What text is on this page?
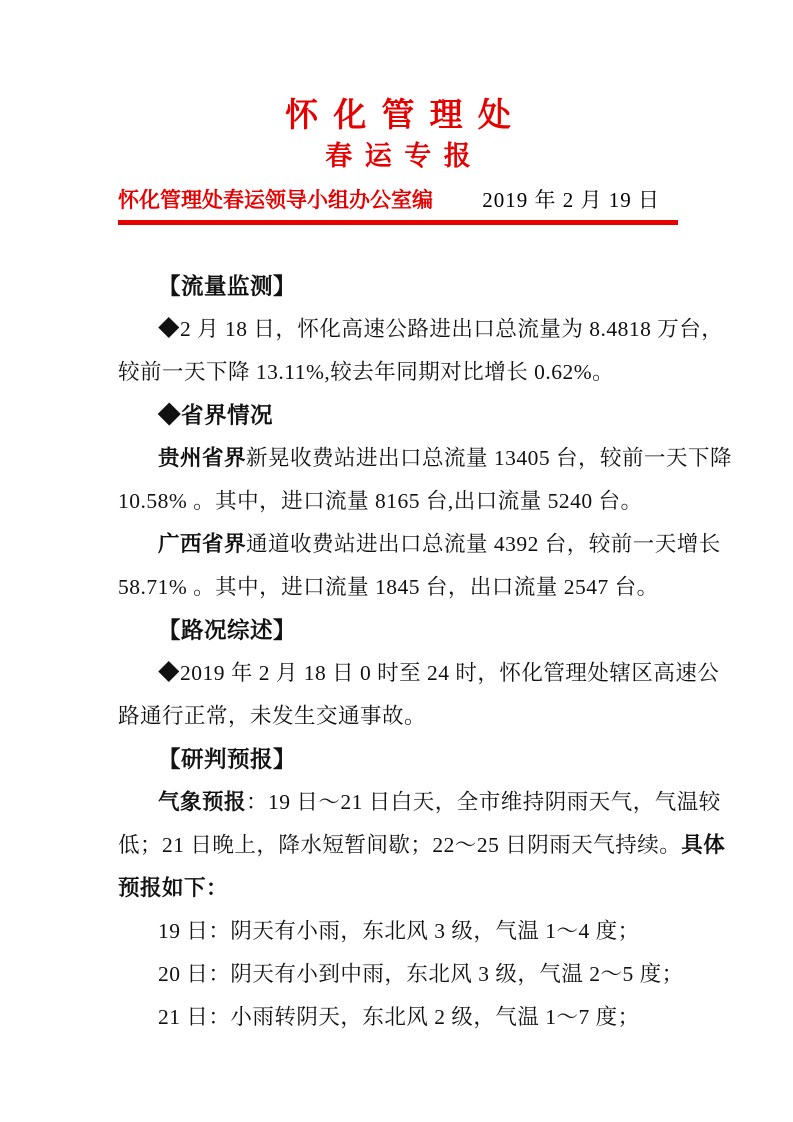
怀 化 管 理 处
春 运 专 报
怀化管理处春运领导小组办公室编 2019 年 2 月 19 日
【流量监测】
◆2 月 18 日，怀化高速公路进出口总流量为 8.4818 万台，
较前一天下降 13.11%,较去年同期对比增长 0.62%。
◆省界情况
贵州省界新晃收费站进出口总流量 13405 台，较前一天下降
10.58% 。其中，进口流量 8165 台,出口流量 5240 台。
广西省界通道收费站进出口总流量 4392 台，较前一天增长
58.71% 。其中，进口流量 1845 台，出口流量 2547 台。
【路况综述】
◆2019 年 2 月 18 日 0 时至 24 时，怀化管理处辖区高速公
路通行正常，未发生交通事故。
【研判预报】
气象预报：19 日～21 日白天，全市维持阴雨天气，气温较
低；21 日晚上，降水短暂间歇；22～25 日阴雨天气持续。具体
预报如下：
19 日：阴天有小雨，东北风 3 级，气温 1～4 度；
20 日：阴天有小到中雨，东北风 3 级，气温 2～5 度；
21 日：小雨转阴天，东北风 2 级，气温 1～7 度；
